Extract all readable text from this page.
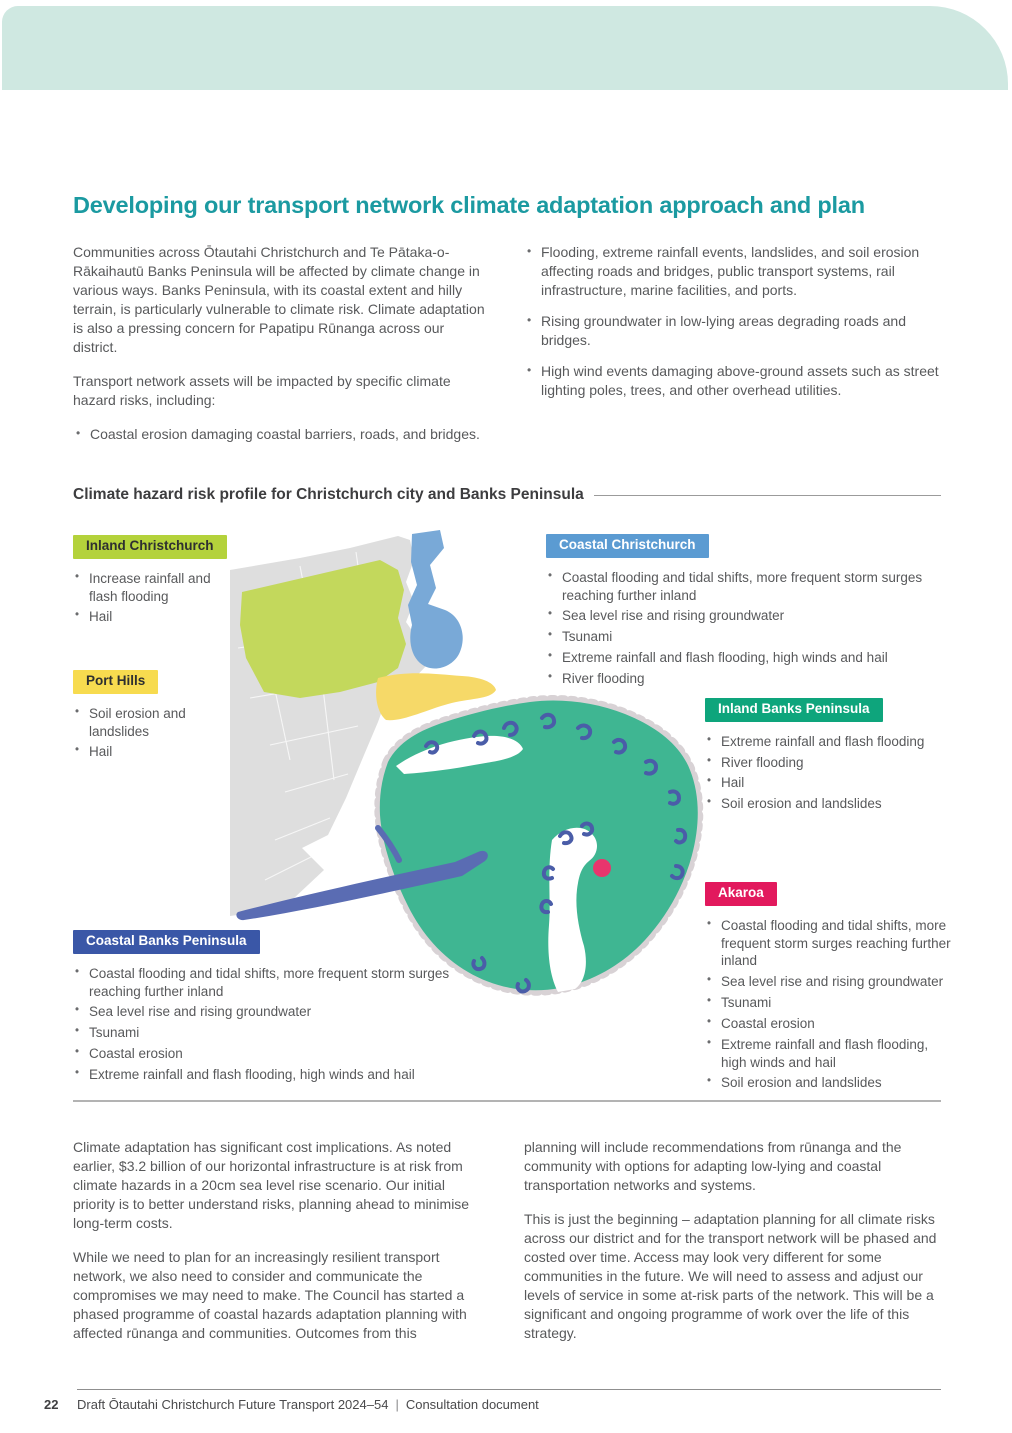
Developing our transport network climate adaptation approach and plan

Communities across Ōtautahi Christchurch and Te Pātaka-o-Rākaihautū Banks Peninsula will be affected by climate change in various ways. Banks Peninsula, with its coastal extent and hilly terrain, is particularly vulnerable to climate risk. Climate adaptation is also a pressing concern for Papatipu Rūnanga across our district.

Transport network assets will be impacted by specific climate hazard risks, including:

• Coastal erosion damaging coastal barriers, roads, and bridges.
• Flooding, extreme rainfall events, landslides, and soil erosion affecting roads and bridges, public transport systems, rail infrastructure, marine facilities, and ports.
• Rising groundwater in low-lying areas degrading roads and bridges.
• High wind events damaging above-ground assets such as street lighting poles, trees, and other overhead utilities.
Climate hazard risk profile for Christchurch city and Banks Peninsula
Inland Christchurch
• Increase rainfall and flash flooding
• Hail
Port Hills
• Soil erosion and landslides
• Hail
Coastal Christchurch
• Coastal flooding and tidal shifts, more frequent storm surges reaching further inland
• Sea level rise and rising groundwater
• Tsunami
• Extreme rainfall and flash flooding, high winds and hail
• River flooding
Inland Banks Peninsula
• Extreme rainfall and flash flooding
• River flooding
• Hail
• Soil erosion and landslides
Akaroa
• Coastal flooding and tidal shifts, more frequent storm surges reaching further inland
• Sea level rise and rising groundwater
• Tsunami
• Coastal erosion
• Extreme rainfall and flash flooding, high winds and hail
• Soil erosion and landslides
Coastal Banks Peninsula
• Coastal flooding and tidal shifts, more frequent storm surges reaching further inland
• Sea level rise and rising groundwater
• Tsunami
• Coastal erosion
• Extreme rainfall and flash flooding, high winds and hail

Climate adaptation has significant cost implications. As noted earlier, $3.2 billion of our horizontal infrastructure is at risk from climate hazards in a 20cm sea level rise scenario. Our initial priority is to better understand risks, planning ahead to minimise long-term costs.

While we need to plan for an increasingly resilient transport network, we also need to consider and communicate the compromises we may need to make. The Council has started a phased programme of coastal hazards adaptation planning with affected rūnanga and communities. Outcomes from this

planning will include recommendations from rūnanga and the community with options for adapting low-lying and coastal transportation networks and systems.

This is just the beginning – adaptation planning for all climate risks across our district and for the transport network will be phased and costed over time. Access may look very different for some communities in the future. We will need to assess and adjust our levels of service in some at-risk parts of the network. This will be a significant and ongoing programme of work over the life of this strategy.

22 Draft Ōtautahi Christchurch Future Transport 2024–54 | Consultation document
